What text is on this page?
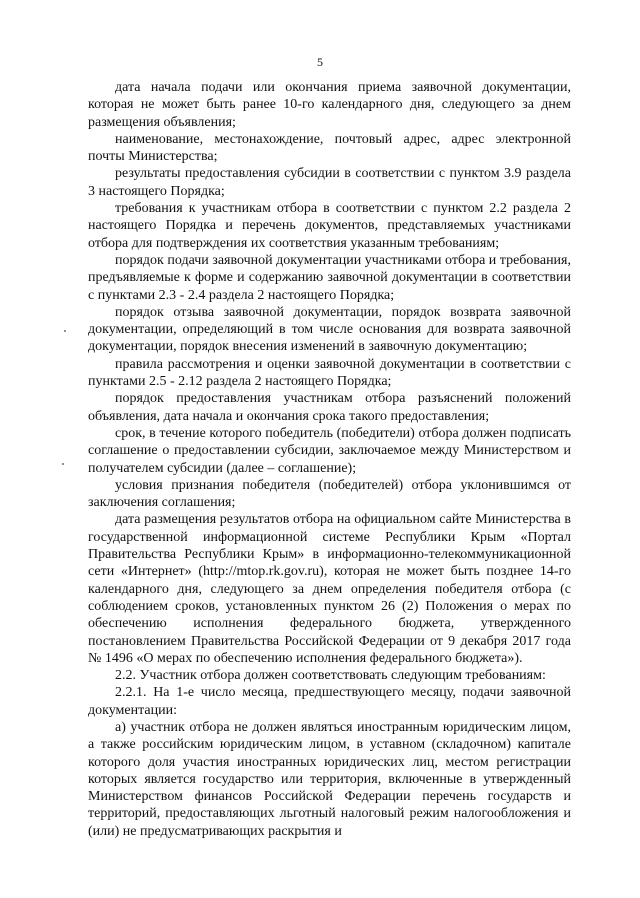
5

дата начала подачи или окончания приема заявочной документации, которая не может быть ранее 10-го календарного дня, следующего за днем размещения объявления;

наименование, местонахождение, почтовый адрес, адрес электронной почты Министерства;

результаты предоставления субсидии в соответствии с пунктом 3.9 раздела 3 настоящего Порядка;

требования к участникам отбора в соответствии с пунктом 2.2 раздела 2 настоящего Порядка и перечень документов, представляемых участниками отбора для подтверждения их соответствия указанным требованиям;

порядок подачи заявочной документации участниками отбора и требования, предъявляемые к форме и содержанию заявочной документации в соответствии с пунктами 2.3 - 2.4 раздела 2 настоящего Порядка;

порядок отзыва заявочной документации, порядок возврата заявочной документации, определяющий в том числе основания для возврата заявочной документации, порядок внесения изменений в заявочную документацию;

правила рассмотрения и оценки заявочной документации в соответствии с пунктами 2.5 - 2.12 раздела 2 настоящего Порядка;

порядок предоставления участникам отбора разъяснений положений объявления, дата начала и окончания срока такого предоставления;

срок, в течение которого победитель (победители) отбора должен подписать соглашение о предоставлении субсидии, заключаемое между Министерством и получателем субсидии (далее – соглашение);

условия признания победителя (победителей) отбора уклонившимся от заключения соглашения;

дата размещения результатов отбора на официальном сайте Министерства в государственной информационной системе Республики Крым «Портал Правительства Республики Крым» в информационно-телекоммуникационной сети «Интернет» (http://mtop.rk.gov.ru), которая не может быть позднее 14-го календарного дня, следующего за днем определения победителя отбора (с соблюдением сроков, установленных пунктом 26 (2) Положения о мерах по обеспечению исполнения федерального бюджета, утвержденного постановлением Правительства Российской Федерации от 9 декабря 2017 года № 1496 «О мерах по обеспечению исполнения федерального бюджета»).

2.2. Участник отбора должен соответствовать следующим требованиям:

2.2.1. На 1-е число месяца, предшествующего месяцу, подачи заявочной документации:

а) участник отбора не должен являться иностранным юридическим лицом, а также российским юридическим лицом, в уставном (складочном) капитале которого доля участия иностранных юридических лиц, местом регистрации которых является государство или территория, включенные в утвержденный Министерством финансов Российской Федерации перечень государств и территорий, предоставляющих льготный налоговый режим налогообложения и (или) не предусматривающих раскрытия и
